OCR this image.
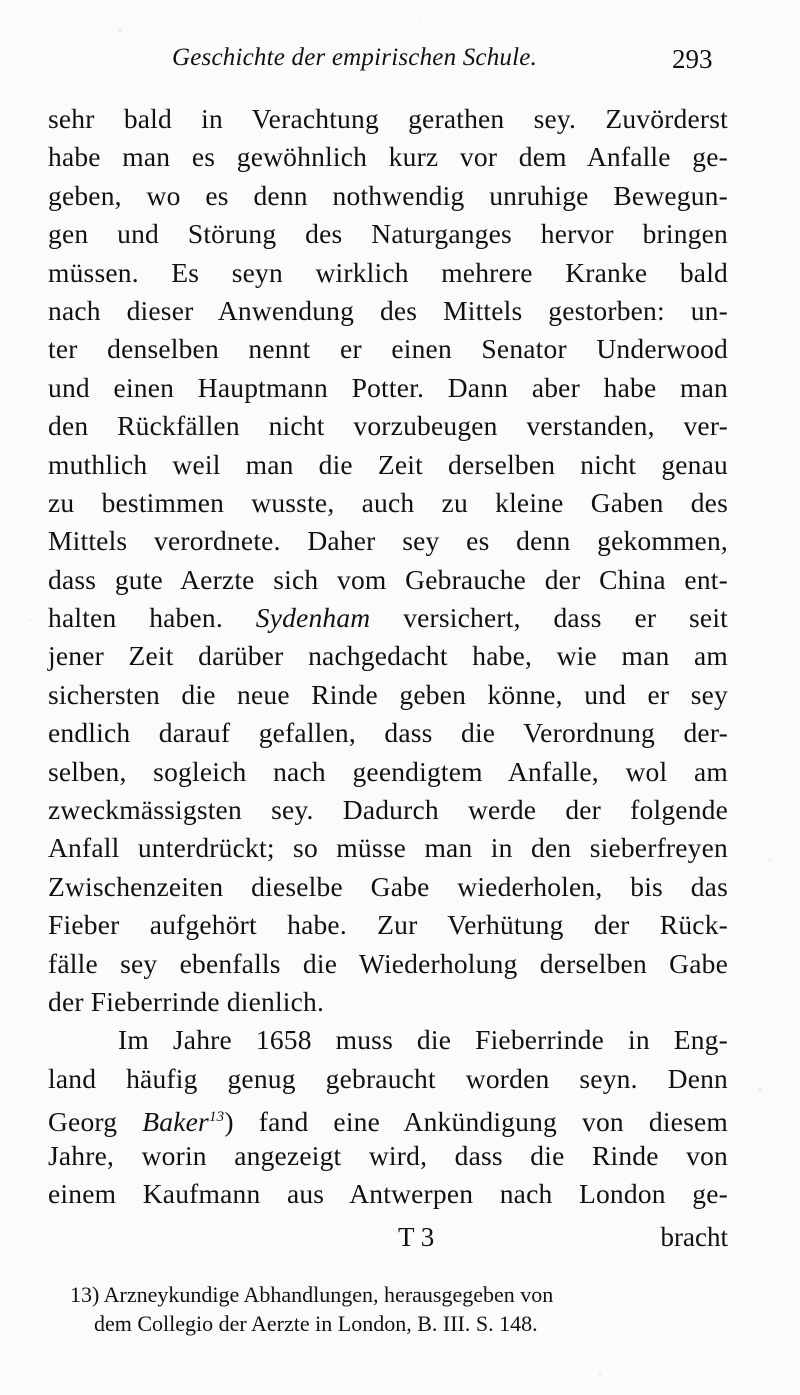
Geschichte der empirischen Schule.	293
sehr bald in Verachtung gerathen sey. Zuvörderst
habe man es gewöhnlich kurz vor dem Anfalle ge-
geben, wo es denn nothwendig unruhige Bewegun-
gen und Störung des Naturganges hervor bringen
müssen. Es seyn wirklich mehrere Kranke bald
nach dieser Anwendung des Mittels gestorben: un-
ter denselben nennt er einen Senator Underwood
und einen Hauptmann Potter. Dann aber habe man
den Rückfällen nicht vorzubeugen verstanden, ver-
muthlich weil man die Zeit derselben nicht genau
zu bestimmen wusste, auch zu kleine Gaben des
Mittels verordnete. Daher sey es denn gekommen,
dass gute Aerzte sich vom Gebrauche der China ent-
halten haben. Sydenham versichert, dass er seit
jener Zeit darüber nachgedacht habe, wie man am
sichersten die neue Rinde geben könne, und er sey
endlich darauf gefallen, dass die Verordnung der-
selben, sogleich nach geendigtem Anfalle, wol am
zweckmässigsten sey. Dadurch werde der folgende
Anfall unterdrückt; so müsse man in den sieberfreyen
Zwischenzeiten dieselbe Gabe wiederholen, bis das
Fieber aufgehört habe. Zur Verhütung der Rück-
fälle sey ebenfalls die Wiederholung derselben Gabe
der Fieberrinde dienlich.
Im Jahre 1658 muss die Fieberrinde in Eng-
land häufig genug gebraucht worden seyn. Denn
Georg Baker$^{13}$) fand eine Ankündigung von diesem
Jahre, worin angezeigt wird, dass die Rinde von
einem Kaufmann aus Antwerpen nach London ge-
T 3	bracht
13) Arzneykundige Abhandlungen, herausgegeben von
dem Collegio der Aerzte in London, B. III. S. 148.
